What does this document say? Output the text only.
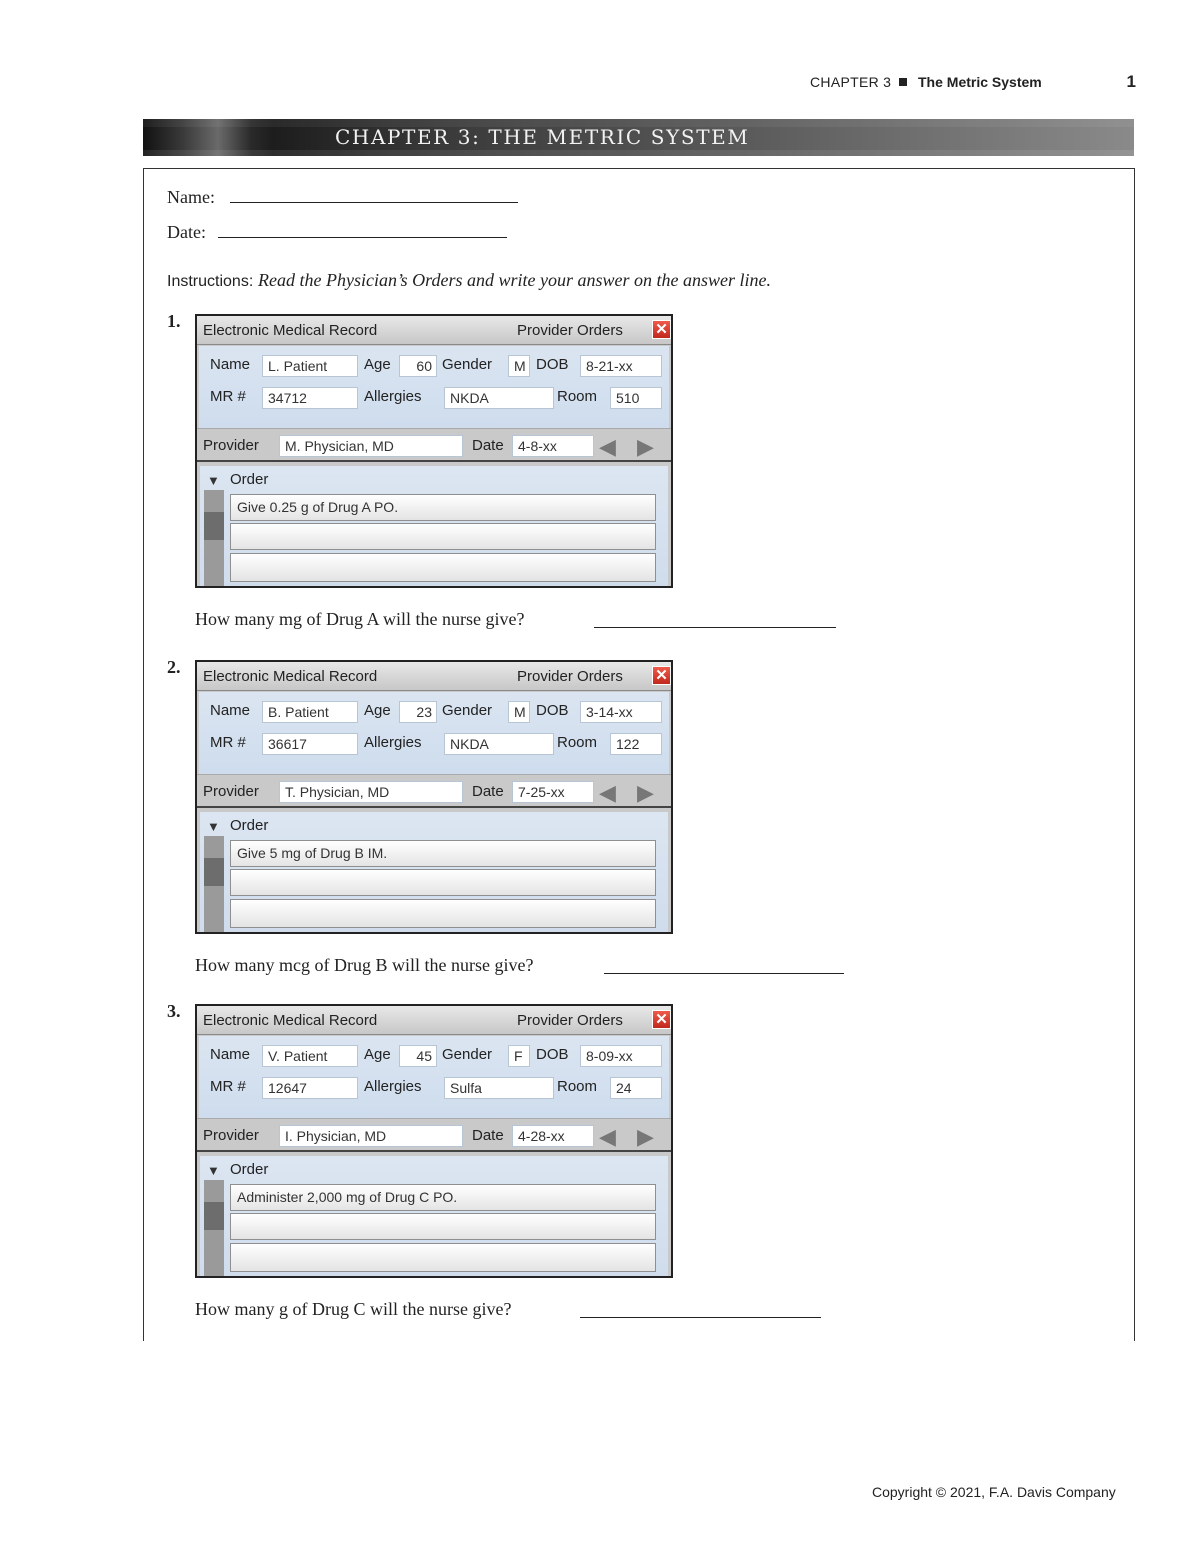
CHAPTER 3 The Metric System	1
CHAPTER 3: THE METRIC SYSTEM
Name:
Date:
Instructions: Read the Physician’s Orders and write your answer on the answer line.
1. Electronic Medical Record	Provider Orders ✕
Name	L. Patient	Age	60 Gender	M DOB	8-21-xx
MR #	34712	Allergies	NKDA	Room	510
Provider	M. Physician, MD	Date	4-8-xx	◀ ▶
▼ Order
Give 0.25 g of Drug A PO.
How many mg of Drug A will the nurse give?
2. Electronic Medical Record	Provider Orders ✕
Name	B. Patient	Age	23 Gender	M DOB	3-14-xx
MR #	36617	Allergies	NKDA	Room	122
Provider	T. Physician, MD	Date	7-25-xx	◀ ▶
▼ Order
Give 5 mg of Drug B IM.
How many mcg of Drug B will the nurse give?
3. Electronic Medical Record	Provider Orders ✕
Name	V. Patient	Age	45 Gender	F DOB	8-09-xx
MR #	12647	Allergies	Sulfa	Room	24
Provider	I. Physician, MD	Date	4-28-xx	◀ ▶
▼ Order
Administer 2,000 mg of Drug C PO.
How many g of Drug C will the nurse give?
Copyright © 2021, F.A. Davis Company
